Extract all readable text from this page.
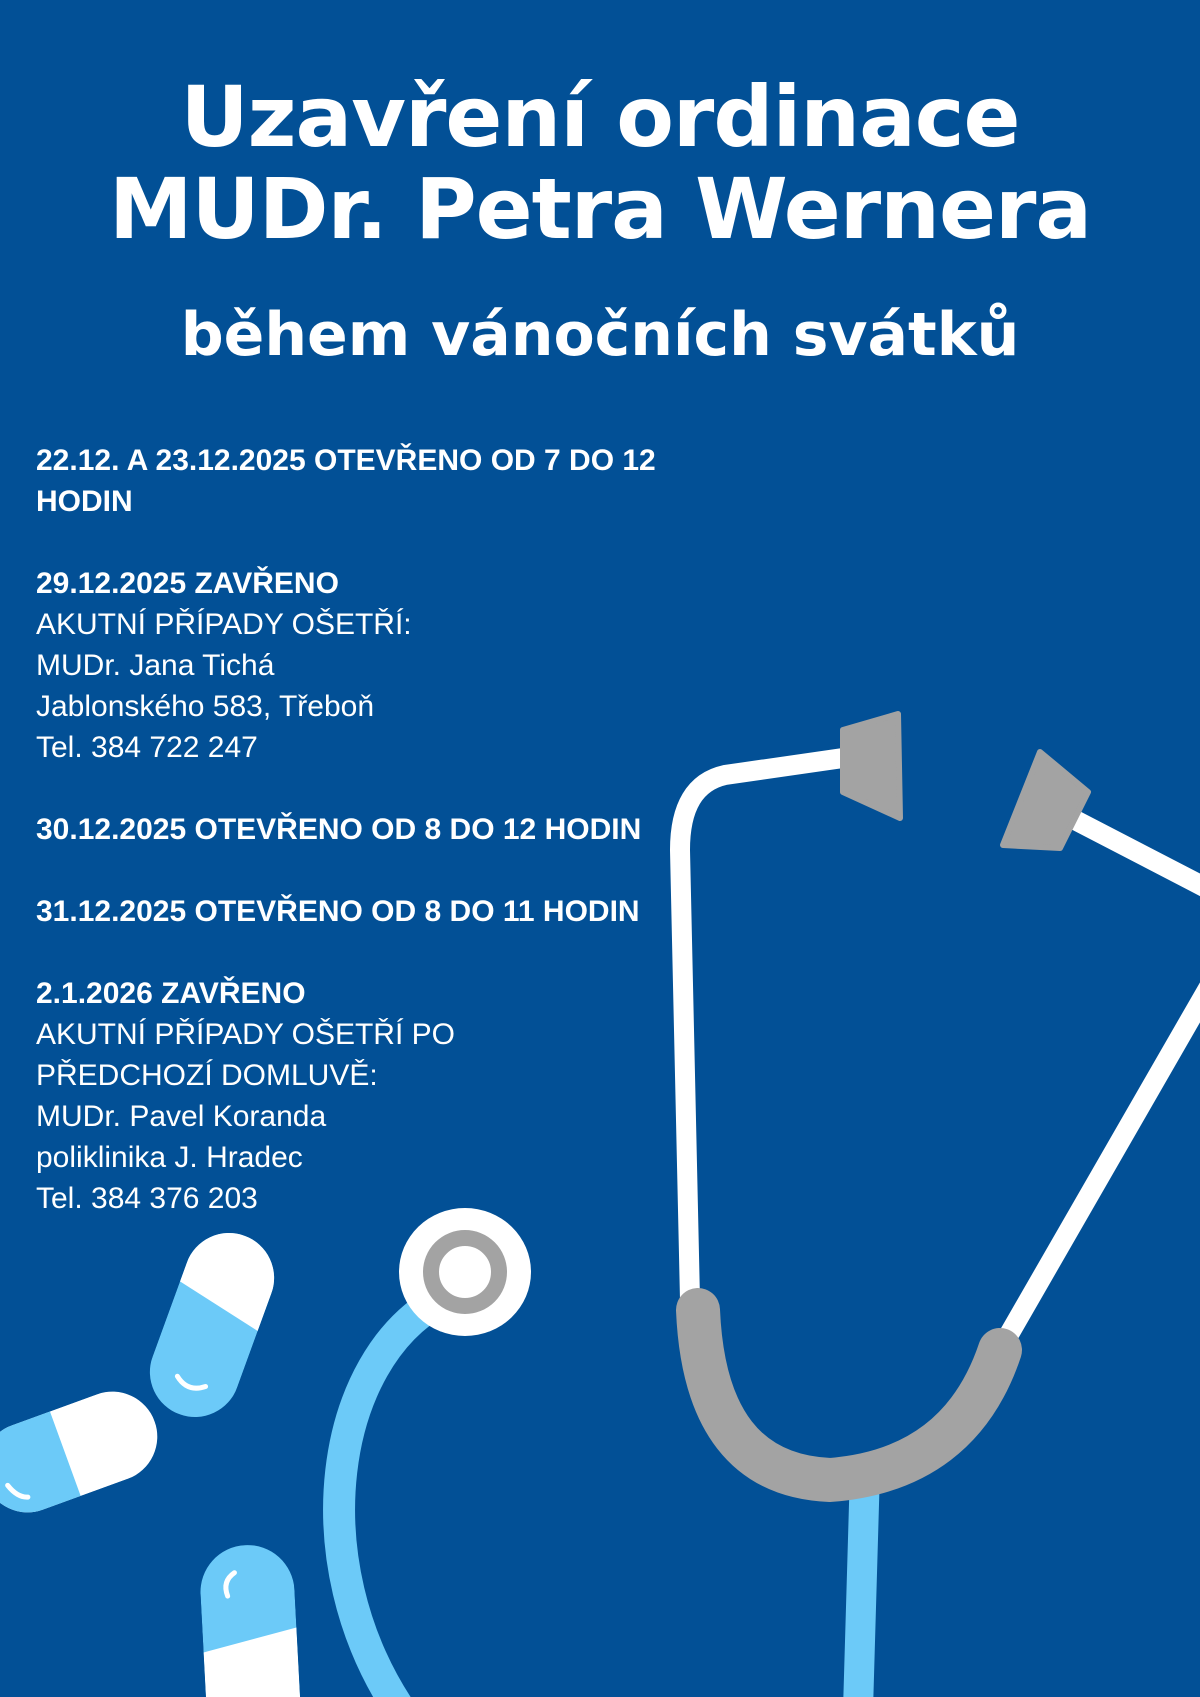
Uzavření ordinace
MUDr. Petra Wernera
během vánočních svátků
22.12. A 23.12.2025 OTEVŘENO OD 7 DO 12 HODIN
29.12.2025 ZAVŘENO
AKUTNÍ PŘÍPADY OŠETŘÍ:
MUDr. Jana Tichá
Jablonského 583, Třeboň
Tel. 384 722 247
30.12.2025 OTEVŘENO OD 8 DO 12 HODIN
31.12.2025 OTEVŘENO OD 8 DO 11 HODIN
2.1.2026 ZAVŘENO
AKUTNÍ PŘÍPADY OŠETŘÍ PO PŘEDCHOZÍ DOMLUVĚ:
MUDr. Pavel Koranda
poliklinika J. Hradec
Tel. 384 376 203
